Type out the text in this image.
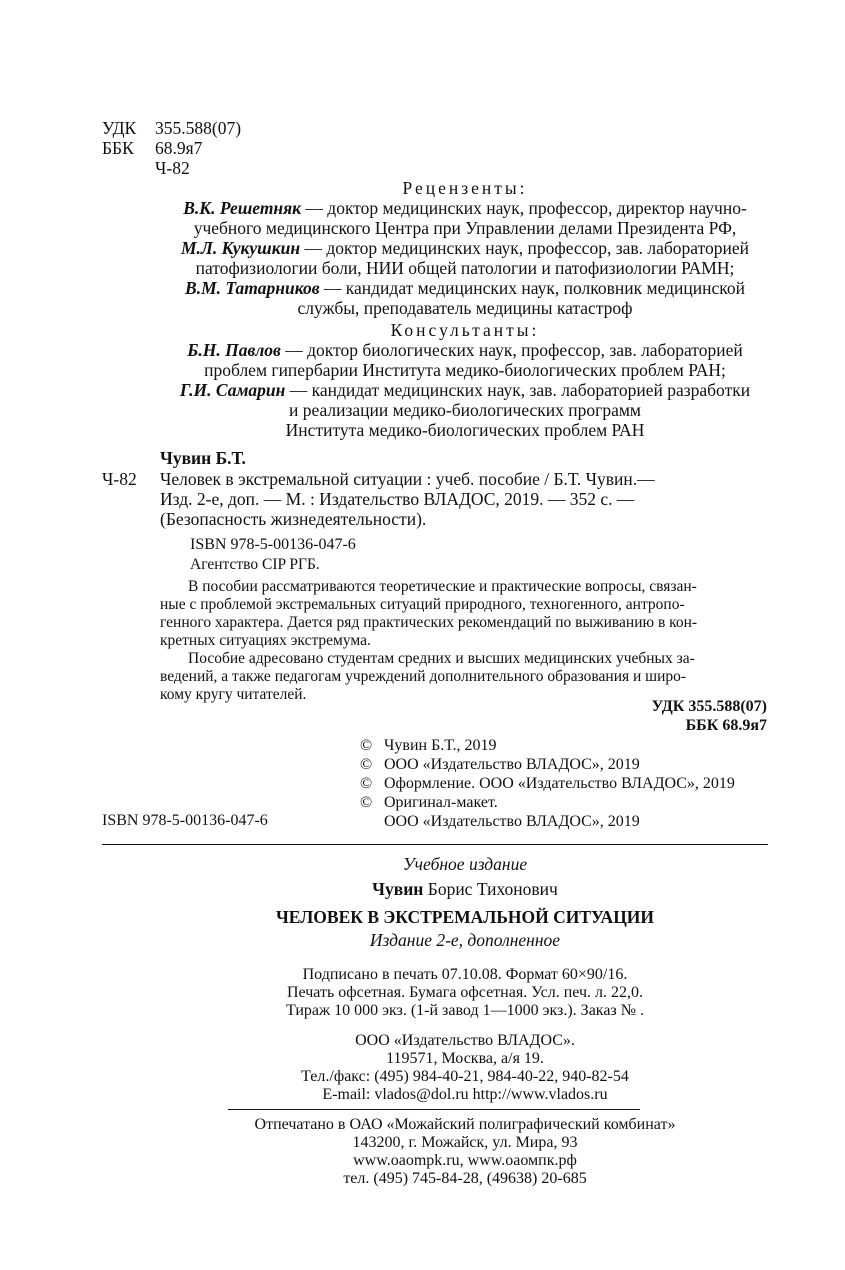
УДК 355.588(07)
ББК 68.9я7
Ч-82
Рецензенты:
В.К. Решетняк — доктор медицинских наук, профессор, директор научно-
учебного медицинского Центра при Управлении делами Президента РФ,
М.Л. Кукушкин — доктор медицинских наук, профессор, зав. лабораторией
патофизиологии боли, НИИ общей патологии и патофизиологии РАМН;
В.М. Татарников — кандидат медицинских наук, полковник медицинской
службы, преподаватель медицины катастроф
Консультанты:
Б.Н. Павлов — доктор биологических наук, профессор, зав. лабораторией
проблем гипербарии Института медико-биологических проблем РАН;
Г.И. Самарин — кандидат медицинских наук, зав. лабораторией разработки
и реализации медико-биологических программ
Института медико-биологических проблем РАН
Чувин Б.Т.
Ч-82 Человек в экстремальной ситуации : учеб. пособие / Б.Т. Чувин.—
Изд. 2-е, доп. — М. : Издательство ВЛАДОС, 2019. — 352 с. —
(Безопасность жизнедеятельности).
ISBN 978-5-00136-047-6
Агентство CIP РГБ.
В пособии рассматриваются теоретические и практические вопросы, связан-
ные с проблемой экстремальных ситуаций природного, техногенного, антропо-
генного характера. Дается ряд практических рекомендаций по выживанию в кон-
кретных ситуациях экстремума.
Пособие адресовано студентам средних и высших медицинских учебных за-
ведений, а также педагогам учреждений дополнительного образования и широ-
кому кругу читателей.
УДК 355.588(07)
ББК 68.9я7
© Чувин Б.Т., 2019
© ООО «Издательство ВЛАДОС», 2019
© Оформление. ООО «Издательство ВЛАДОС», 2019
© Оригинал-макет.
ООО «Издательство ВЛАДОС», 2019
ISBN 978-5-00136-047-6
Учебное издание
Чувин Борис Тихонович
ЧЕЛОВЕК В ЭКСТРЕМАЛЬНОЙ СИТУАЦИИ
Издание 2-е, дополненное
Подписано в печать 07.10.08. Формат 60×90/16.
Печать офсетная. Бумага офсетная. Усл. печ. л. 22,0.
Тираж 10 000 экз. (1-й завод 1—1000 экз.). Заказ № .
ООО «Издательство ВЛАДОС».
119571, Москва, а/я 19.
Тел./факс: (495) 984-40-21, 984-40-22, 940-82-54
E-mail: vlados@dol.ru http://www.vlados.ru
Отпечатано в ОАО «Можайский полиграфический комбинат»
143200, г. Можайск, ул. Мира, 93
www.oaompk.ru, www.оаомпк.рф
тел. (495) 745-84-28, (49638) 20-685
